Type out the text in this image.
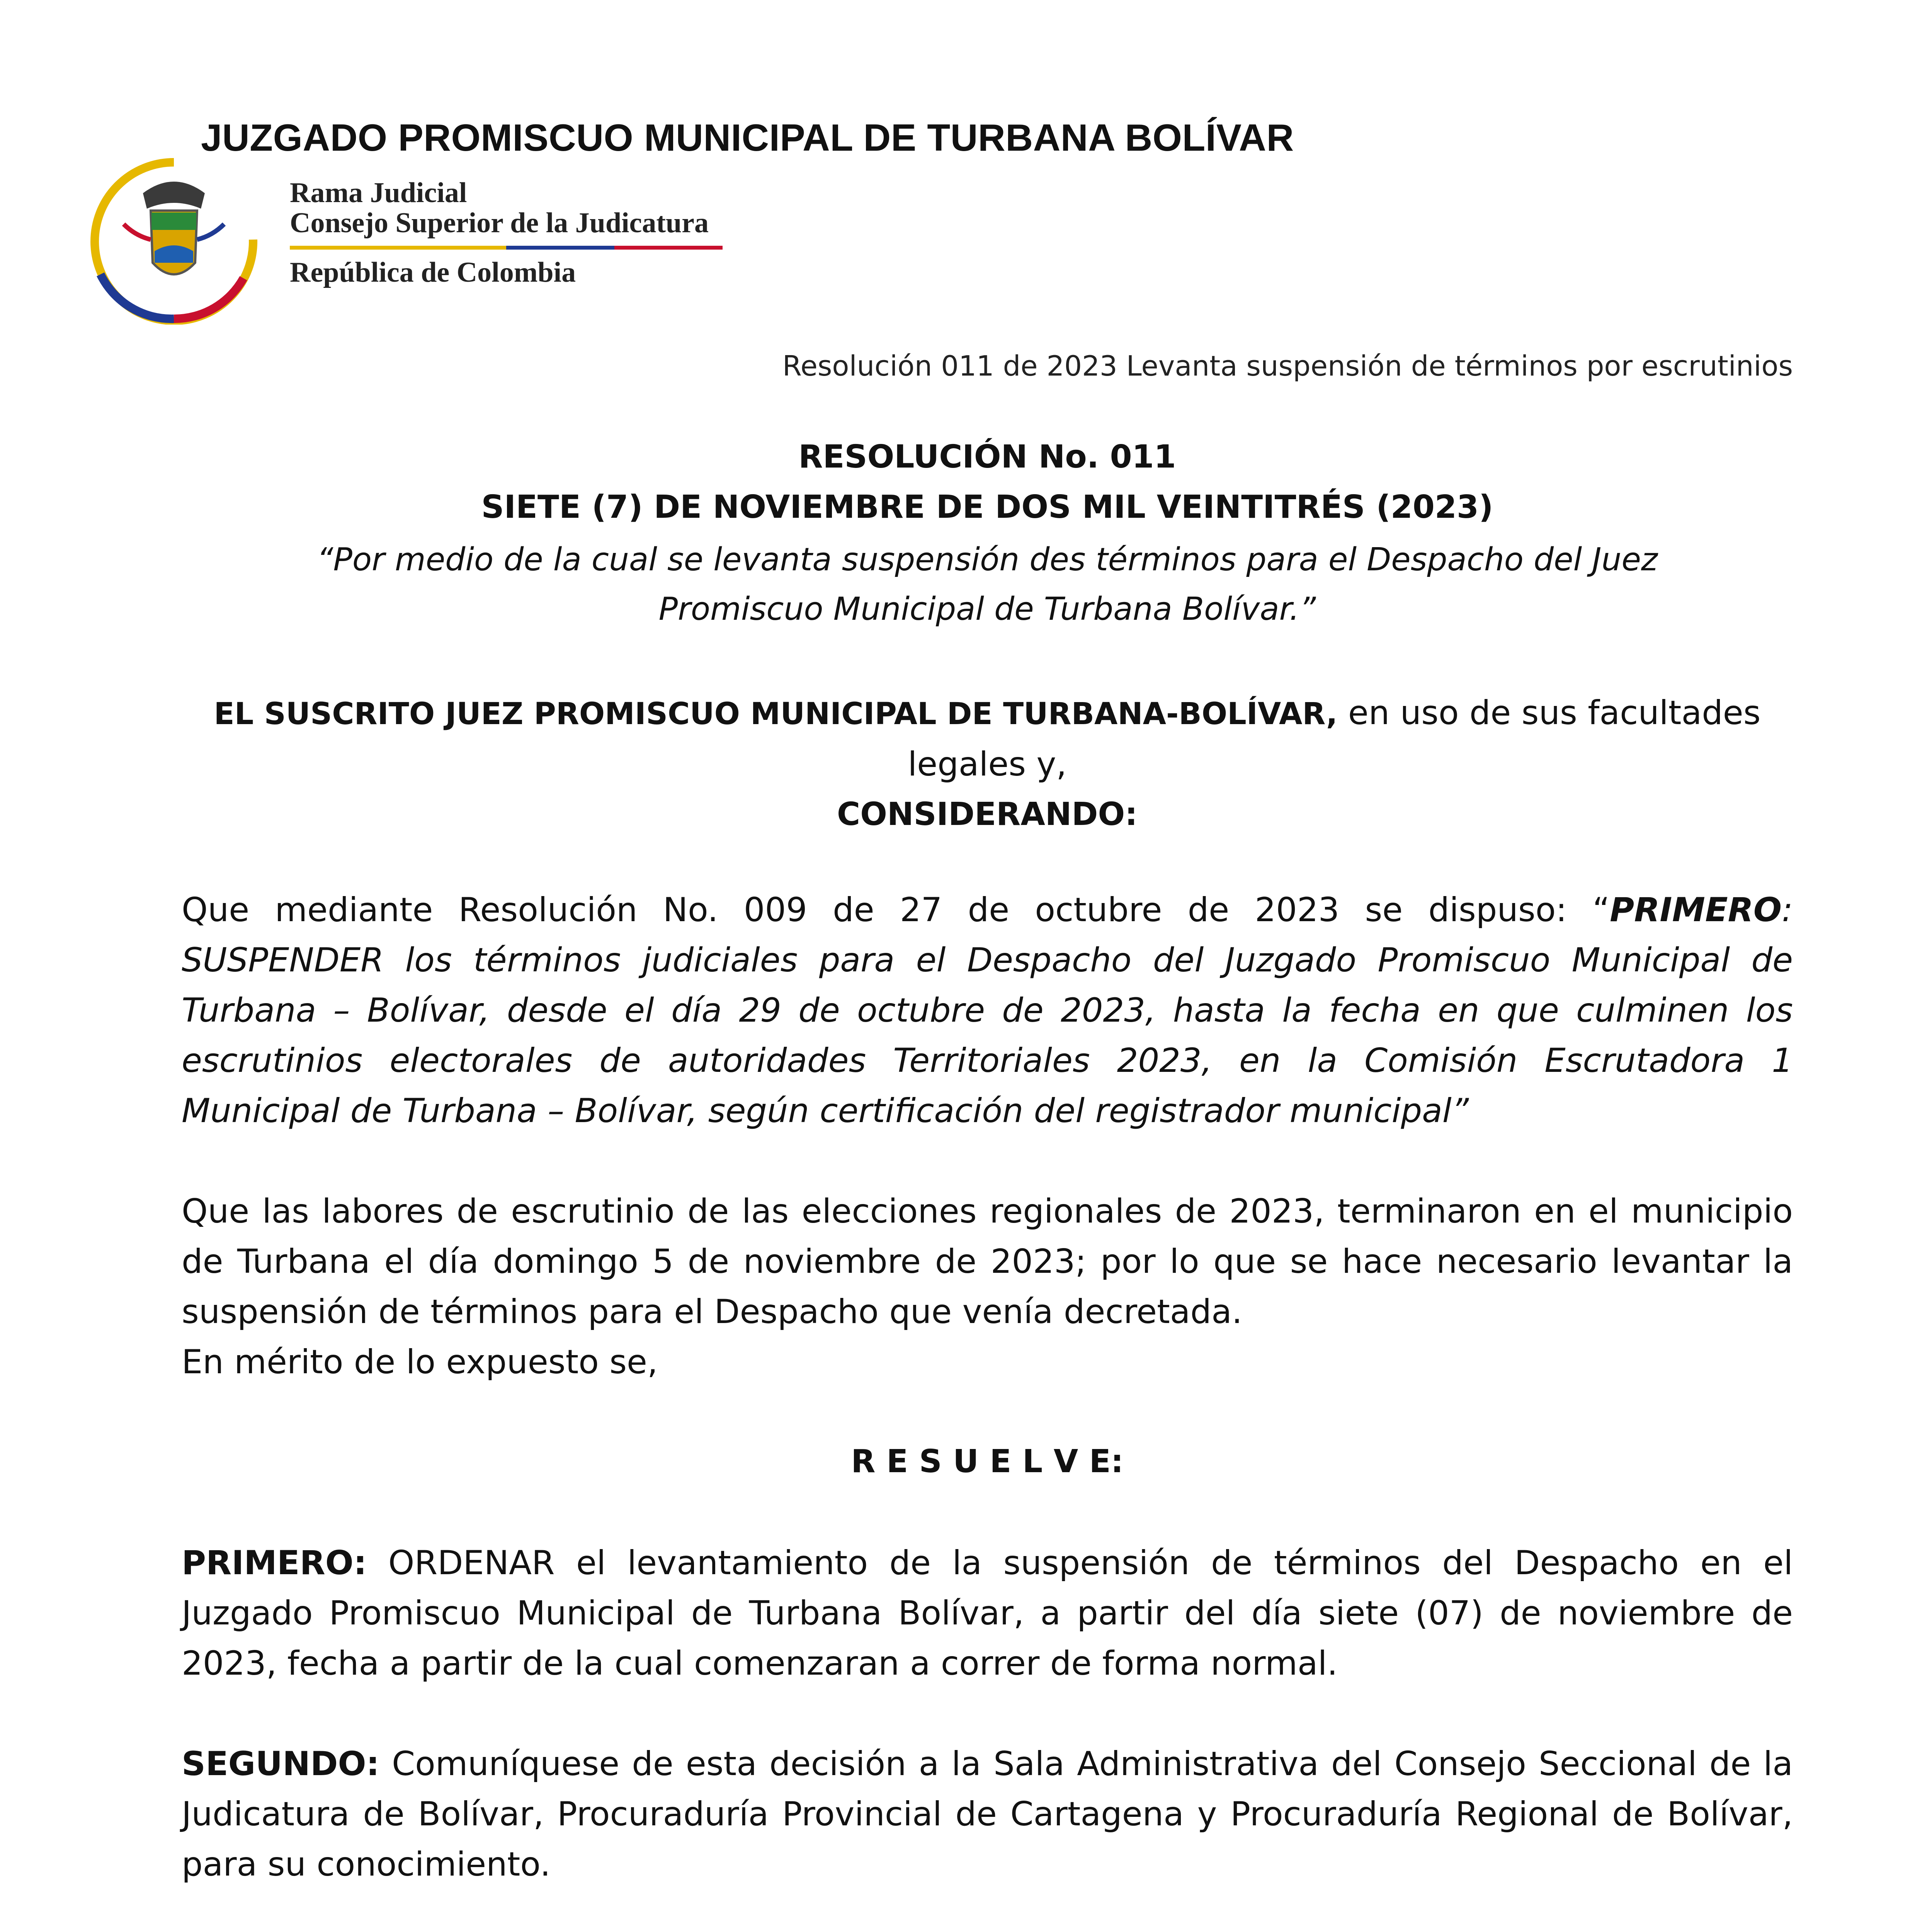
JUZGADO PROMISCUO MUNICIPAL DE TURBANA BOLÍVAR
Rama Judicial
Consejo Superior de la Judicatura
República de Colombia
Resolución 011 de 2023 Levanta suspensión de términos por escrutinios
RESOLUCIÓN No. 011
SIETE (7) DE NOVIEMBRE DE DOS MIL VEINTITRÉS (2023)
“Por medio de la cual se levanta suspensión des términos para el Despacho del Juez
Promiscuo Municipal de Turbana Bolívar.”
EL SUSCRITO JUEZ PROMISCUO MUNICIPAL DE TURBANA-BOLÍVAR, en uso de sus facultades
legales y,
CONSIDERANDO:
Que mediante Resolución No. 009 de 27 de octubre de 2023 se dispuso: “PRIMERO: SUSPENDER los términos judiciales para el Despacho del Juzgado Promiscuo Municipal de Turbana – Bolívar, desde el día 29 de octubre de 2023, hasta la fecha en que culminen los escrutinios electorales de autoridades Territoriales 2023, en la Comisión Escrutadora 1 Municipal de Turbana – Bolívar, según certificación del registrador municipal”
Que las labores de escrutinio de las elecciones regionales de 2023, terminaron en el municipio de Turbana el día domingo 5 de noviembre de 2023; por lo que se hace necesario levantar la suspensión de términos para el Despacho que venía decretada.
En mérito de lo expuesto se,
R E S U E L V E:
PRIMERO: ORDENAR el levantamiento de la suspensión de términos del Despacho en el Juzgado Promiscuo Municipal de Turbana Bolívar, a partir del día siete (07) de noviembre de 2023, fecha a partir de la cual comenzaran a correr de forma normal.
SEGUNDO: Comuníquese de esta decisión a la Sala Administrativa del Consejo Seccional de la Judicatura de Bolívar, Procuraduría Provincial de Cartagena y Procuraduría Regional de Bolívar, para su conocimiento.
